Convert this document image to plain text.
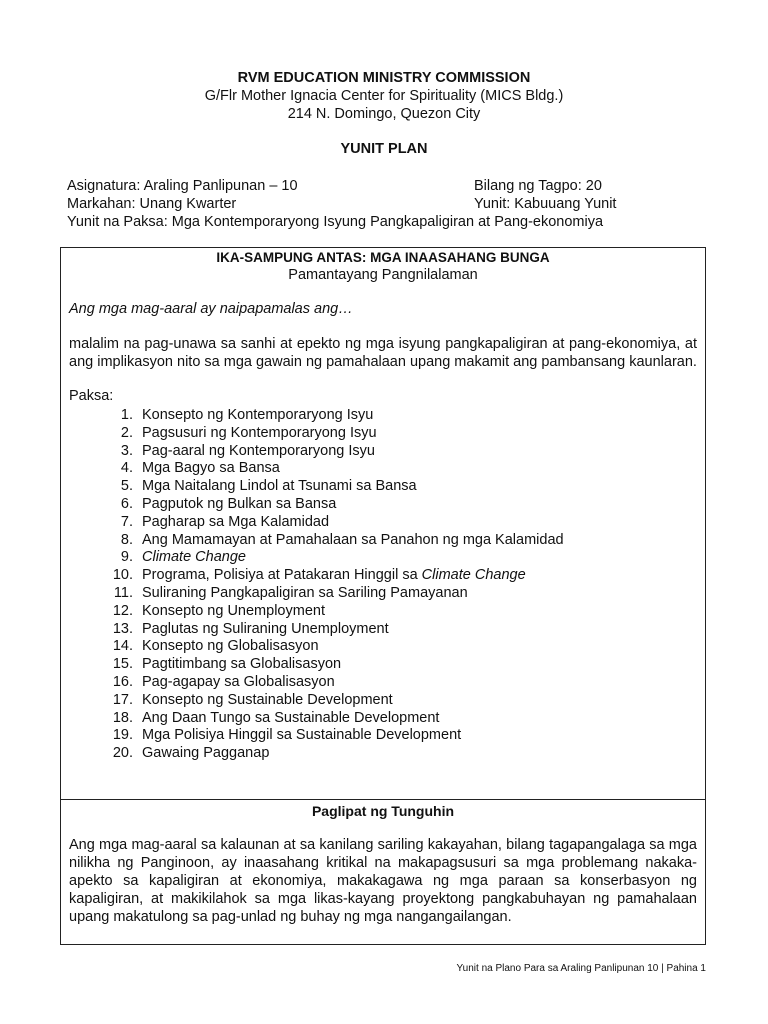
RVM EDUCATION MINISTRY COMMISSION
G/Flr Mother Ignacia Center for Spirituality (MICS Bldg.)
214 N. Domingo, Quezon City
YUNIT PLAN
Asignatura: Araling Panlipunan – 10	Bilang ng Tagpo: 20
Markahan: Unang Kwarter	Yunit: Kabuuang Yunit
Yunit na Paksa: Mga Kontemporaryong Isyung Pangkapaligiran at Pang-ekonomiya
IKA-SAMPUNG ANTAS: MGA INAASAHANG BUNGA
Pamantayang Pangnilalaman
Ang mga mag-aaral ay naipapamalas ang…
malalim na pag-unawa sa sanhi at epekto ng mga isyung pangkapaligiran at pang-ekonomiya, at ang implikasyon nito sa mga gawain ng pamahalaan upang makamit ang pambansang kaunlaran.
Paksa:
1. Konsepto ng Kontemporaryong Isyu
2. Pagsusuri ng Kontemporaryong Isyu
3. Pag-aaral ng Kontemporaryong Isyu
4. Mga Bagyo sa Bansa
5. Mga Naitalang Lindol at Tsunami sa Bansa
6. Pagputok ng Bulkan sa Bansa
7. Pagharap sa Mga Kalamidad
8. Ang Mamamayan at Pamahalaan sa Panahon ng mga Kalamidad
9. Climate Change
10. Programa, Polisiya at Patakaran Hinggil sa Climate Change
11. Suliraning Pangkapaligiran sa Sariling Pamayanan
12. Konsepto ng Unemployment
13. Paglutas ng Suliraning Unemployment
14. Konsepto ng Globalisasyon
15. Pagtitimbang sa Globalisasyon
16. Pag-agapay sa Globalisasyon
17. Konsepto ng Sustainable Development
18. Ang Daan Tungo sa Sustainable Development
19. Mga Polisiya Hinggil sa Sustainable Development
20. Gawaing Pagganap
Paglipat ng Tunguhin
Ang mga mag-aaral sa kalaunan at sa kanilang sariling kakayahan, bilang tagapangalaga sa mga nilikha ng Panginoon, ay inaasahang kritikal na makapagsusuri sa mga problemang nakaka-apekto sa kapaligiran at ekonomiya, makakagawa ng mga paraan sa konserbasyon ng kapaligiran, at makikilahok sa mga likas-kayang proyektong pangkabuhayan ng pamahalaan upang makatulong sa pag-unlad ng buhay ng mga nangangailangan.
Yunit na Plano Para sa Araling Panlipunan 10 | Pahina 1
